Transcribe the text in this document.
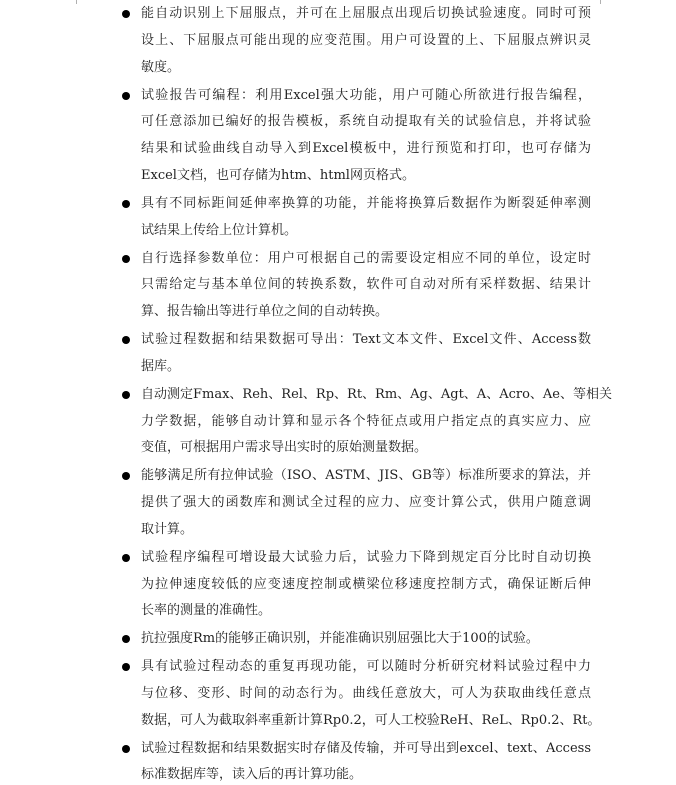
能自动识别上下屈服点，并可在上屈服点出现后切换试验速度。同时可预
设上、下屈服点可能出现的应变范围。用户可设置的上、下屈服点辨识灵
敏度。
试验报告可编程：利用Excel强大功能，用户可随心所欲进行报告编程，
可任意添加已编好的报告模板，系统自动提取有关的试验信息，并将试验
结果和试验曲线自动导入到Excel模板中，进行预览和打印，也可存储为
Excel文档，也可存储为htm、html网页格式。
具有不同标距间延伸率换算的功能，并能将换算后数据作为断裂延伸率测
试结果上传给上位计算机。
自行选择参数单位：用户可根据自己的需要设定相应不同的单位，设定时
只需给定与基本单位间的转换系数，软件可自动对所有采样数据、结果计
算、报告输出等进行单位之间的自动转换。
试验过程数据和结果数据可导出：Text文本文件、Excel文件、Access数
据库。
自动测定Fmax、Reh、Rel、Rp、Rt、Rm、Ag、Agt、A、Acro、Ae、等相关
力学数据，能够自动计算和显示各个特征点或用户指定点的真实应力、应
变值，可根据用户需求导出实时的原始测量数据。
能够满足所有拉伸试验（ISO、ASTM、JIS、GB等）标准所要求的算法，并
提供了强大的函数库和测试全过程的应力、应变计算公式，供用户随意调
取计算。
试验程序编程可增设最大试验力后，试验力下降到规定百分比时自动切换
为拉伸速度较低的应变速度控制或横梁位移速度控制方式，确保证断后伸
长率的测量的准确性。
抗拉强度Rm的能够正确识别，并能准确识别屈强比大于100的试验。
具有试验过程动态的重复再现功能，可以随时分析研究材料试验过程中力
与位移、变形、时间的动态行为。曲线任意放大，可人为获取曲线任意点
数据，可人为截取斜率重新计算Rp0.2，可人工校验ReH、ReL、Rp0.2、Rt。
试验过程数据和结果数据实时存储及传输，并可导出到excel、text、Access
标准数据库等，读入后的再计算功能。
